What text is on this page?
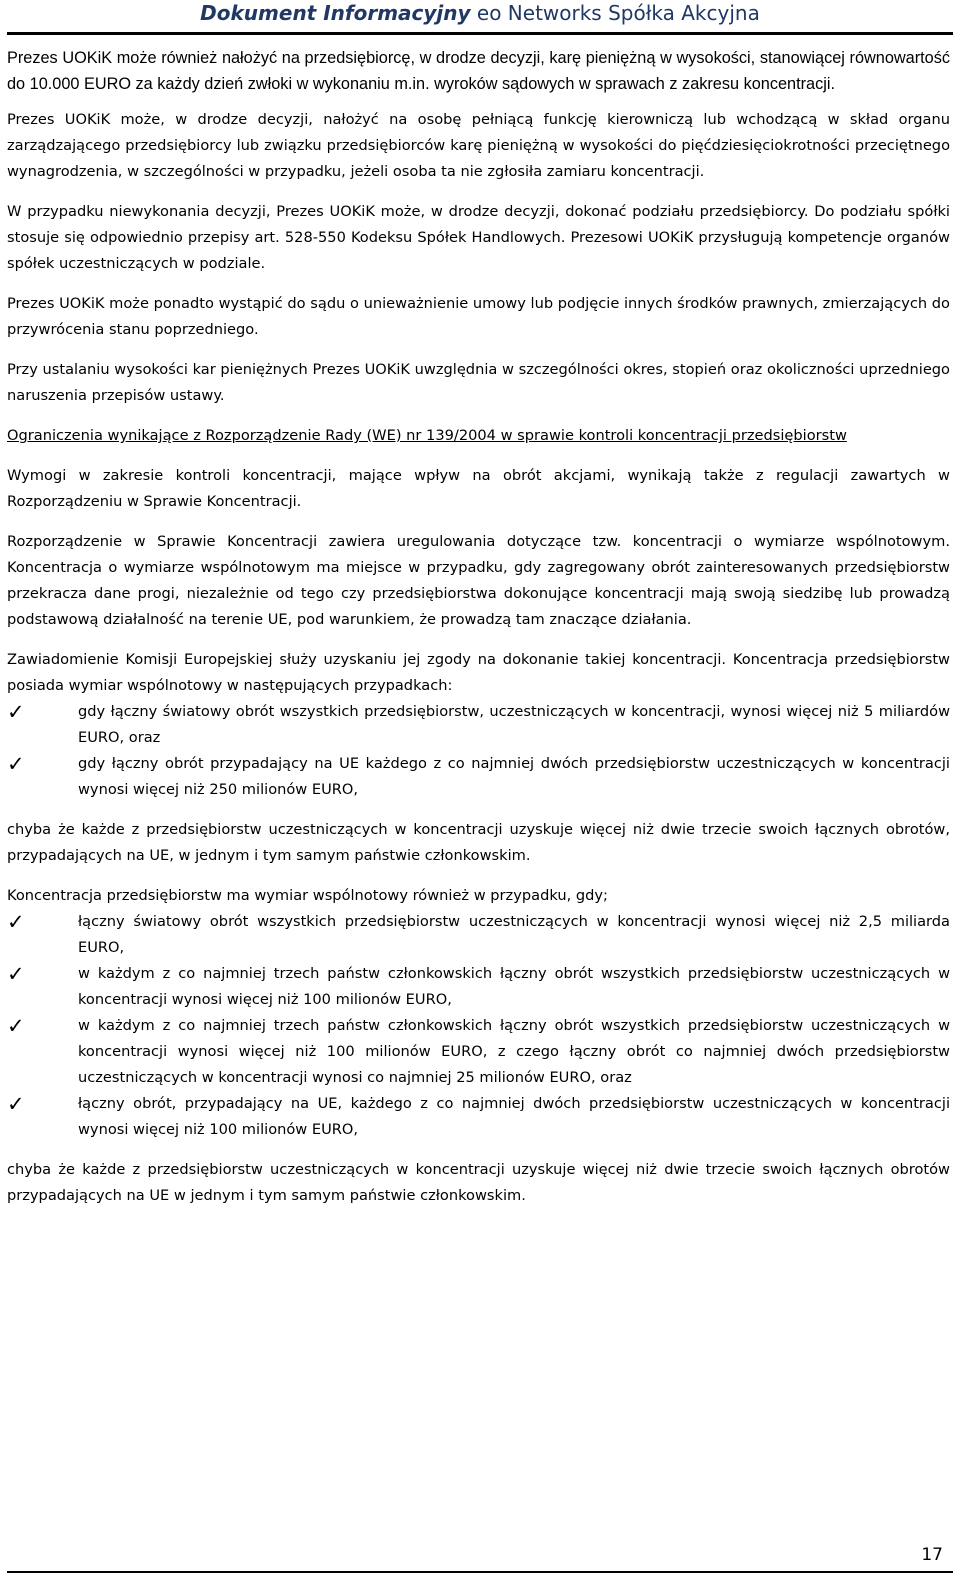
Dokument Informacyjny eo Networks Spółka Akcyjna

Prezes UOKiK może również nałożyć na przedsiębiorcę, w drodze decyzji, karę pieniężną w wysokości, stanowiącej równowartość do 10.000 EURO za każdy dzień zwłoki w wykonaniu m.in. wyroków sądowych w sprawach z zakresu koncentracji.

Prezes UOKiK może, w drodze decyzji, nałożyć na osobę pełniącą funkcję kierowniczą lub wchodzącą w skład organu zarządzającego przedsiębiorcy lub związku przedsiębiorców karę pieniężną w wysokości do pięćdziesięciokrotności przeciętnego wynagrodzenia, w szczególności w przypadku, jeżeli osoba ta nie zgłosiła zamiaru koncentracji.

W przypadku niewykonania decyzji, Prezes UOKiK może, w drodze decyzji, dokonać podziału przedsiębiorcy. Do podziału spółki stosuje się odpowiednio przepisy art. 528-550 Kodeksu Spółek Handlowych. Prezesowi UOKiK przysługują kompetencje organów spółek uczestniczących w podziale.

Prezes UOKiK może ponadto wystąpić do sądu o unieważnienie umowy lub podjęcie innych środków prawnych, zmierzających do przywrócenia stanu poprzedniego.

Przy ustalaniu wysokości kar pieniężnych Prezes UOKiK uwzględnia w szczególności okres, stopień oraz okoliczności uprzedniego naruszenia przepisów ustawy.

Ograniczenia wynikające z Rozporządzenie Rady (WE) nr 139/2004 w sprawie kontroli koncentracji przedsiębiorstw

Wymogi w zakresie kontroli koncentracji, mające wpływ na obrót akcjami, wynikają także z regulacji zawartych w Rozporządzeniu w Sprawie Koncentracji.

Rozporządzenie w Sprawie Koncentracji zawiera uregulowania dotyczące tzw. koncentracji o wymiarze wspólnotowym. Koncentracja o wymiarze wspólnotowym ma miejsce w przypadku, gdy zagregowany obrót zainteresowanych przedsiębiorstw przekracza dane progi, niezależnie od tego czy przedsiębiorstwa dokonujące koncentracji mają swoją siedzibę lub prowadzą podstawową działalność na terenie UE, pod warunkiem, że prowadzą tam znaczące działania.

Zawiadomienie Komisji Europejskiej służy uzyskaniu jej zgody na dokonanie takiej koncentracji. Koncentracja przedsiębiorstw posiada wymiar wspólnotowy w następujących przypadkach:

✓	gdy łączny światowy obrót wszystkich przedsiębiorstw, uczestniczących w koncentracji, wynosi więcej niż 5 miliardów EURO, oraz
✓	gdy łączny obrót przypadający na UE każdego z co najmniej dwóch przedsiębiorstw uczestniczących w koncentracji wynosi więcej niż 250 milionów EURO,

chyba że każde z przedsiębiorstw uczestniczących w koncentracji uzyskuje więcej niż dwie trzecie swoich łącznych obrotów, przypadających na UE, w jednym i tym samym państwie członkowskim.

Koncentracja przedsiębiorstw ma wymiar wspólnotowy również w przypadku, gdy;

✓	łączny światowy obrót wszystkich przedsiębiorstw uczestniczących w koncentracji wynosi więcej niż 2,5 miliarda EURO,
✓	w każdym z co najmniej trzech państw członkowskich łączny obrót wszystkich przedsiębiorstw uczestniczących w koncentracji wynosi więcej niż 100 milionów EURO,
✓	w każdym z co najmniej trzech państw członkowskich łączny obrót wszystkich przedsiębiorstw uczestniczących w koncentracji wynosi więcej niż 100 milionów EURO, z czego łączny obrót co najmniej dwóch przedsiębiorstw uczestniczących w koncentracji wynosi co najmniej 25 milionów EURO, oraz
✓	łączny obrót, przypadający na UE, każdego z co najmniej dwóch przedsiębiorstw uczestniczących w koncentracji wynosi więcej niż 100 milionów EURO,

chyba że każde z przedsiębiorstw uczestniczących w koncentracji uzyskuje więcej niż dwie trzecie swoich łącznych obrotów przypadających na UE w jednym i tym samym państwie członkowskim.

17
